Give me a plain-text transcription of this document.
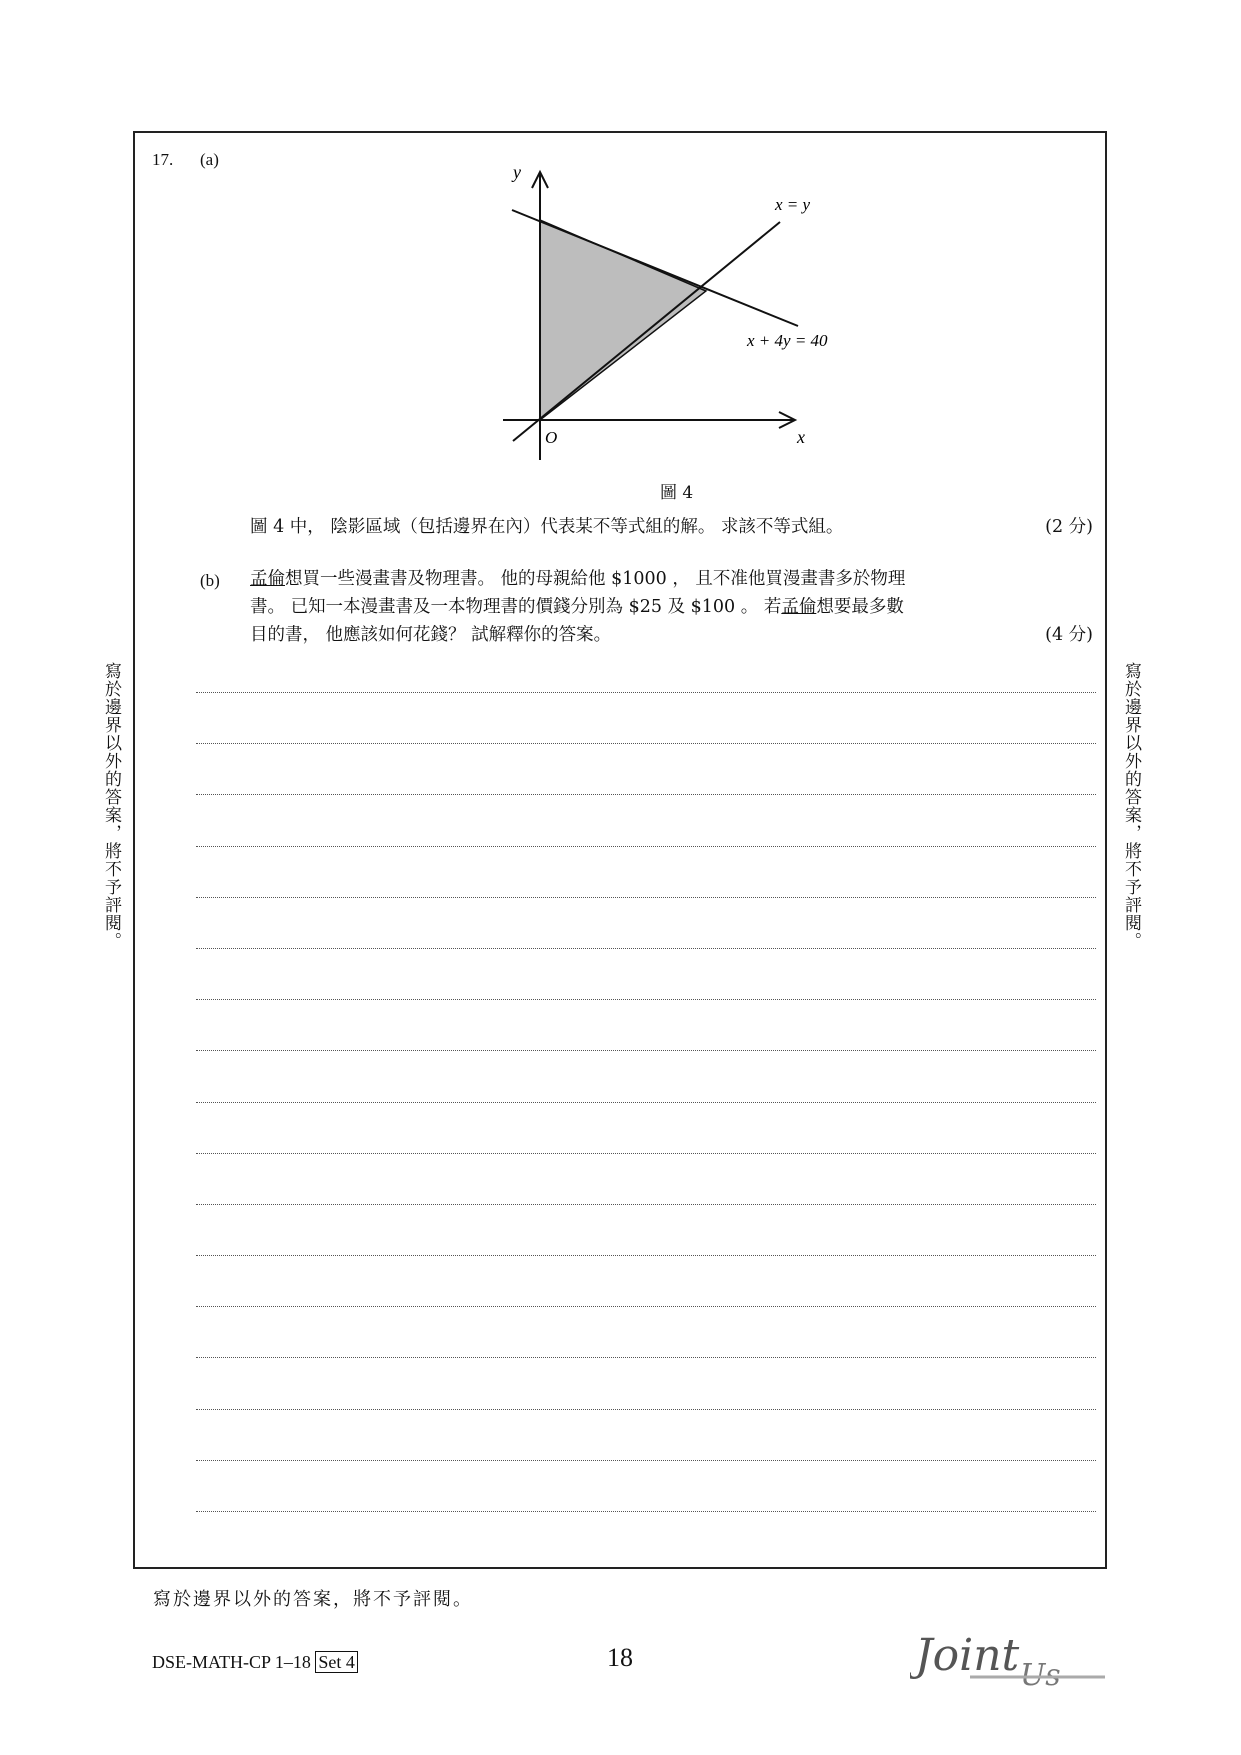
17. (a)
y
x
O
x = y
x + 4y = 40
圖 4
圖 4 中， 陰影區域（包括邊界在內）代表某不等式組的解。 求該不等式組。	(2 分)
(b) 孟倫想買一些漫畫書及物理書。 他的母親給他 $1000 ， 且不准他買漫畫書多於物理
書。 已知一本漫畫書及一本物理書的價錢分別為 $25 及 $100 。 若孟倫想要最多數
目的書， 他應該如何花錢？ 試解釋你的答案。	(4 分)
寫於邊界以外的答案，將不予評閱。	寫於邊界以外的答案，將不予評閱。
寫於邊界以外的答案，將不予評閱。
DSE-MATH-CP 1–18 Set 4	18	Joint Us
